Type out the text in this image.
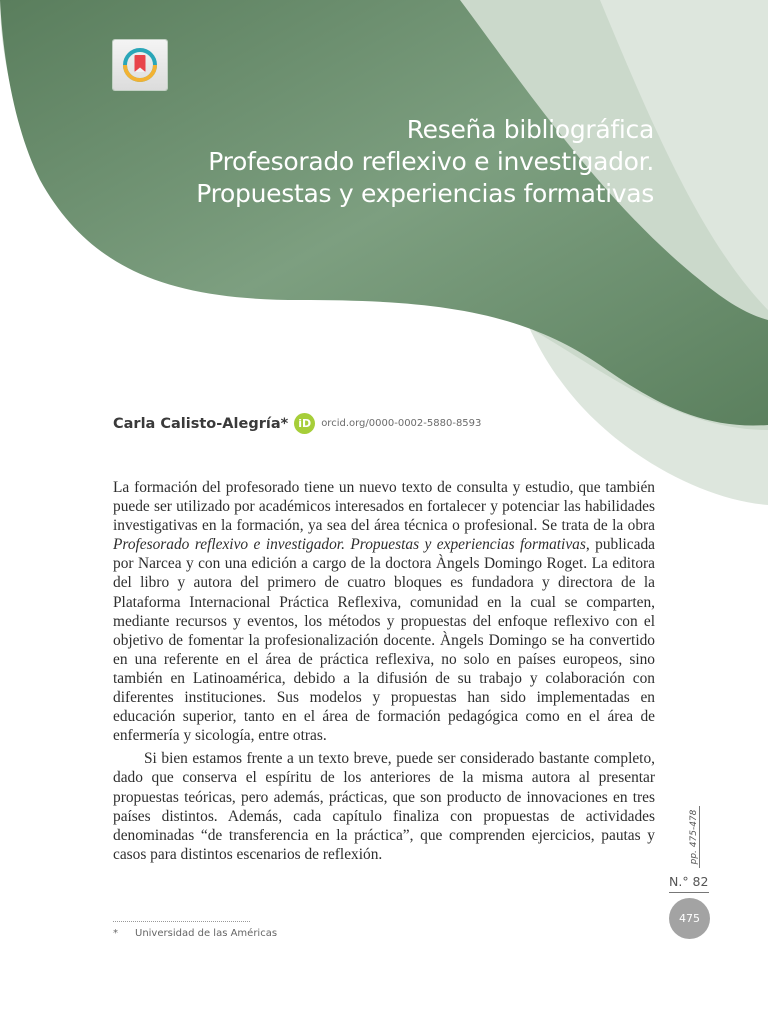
Reseña bibliográfica
Profesorado reflexivo e investigador.
Propuestas y experiencias formativas
Carla Calisto-Alegría* iD	orcid.org/0000-0002-5880-8593

La formación del profesorado tiene un nuevo texto de consulta y estudio, que también puede ser utilizado por académicos interesados en fortalecer y potenciar las habilidades investigativas en la formación, ya sea del área técnica o profesional. Se trata de la obra Profesorado reflexivo e investigador. Propuestas y experiencias formativas, publicada por Narcea y con una edición a cargo de la doctora Àngels Domingo Roget. La editora del libro y autora del primero de cuatro bloques es fundadora y directora de la Plataforma Internacional Práctica Reflexiva, comunidad en la cual se comparten, mediante recursos y eventos, los métodos y propuestas del enfoque reflexivo con el objetivo de fomentar la profesionalización docente. Àngels Domingo se ha convertido en una referente en el área de práctica reflexiva, no solo en países europeos, sino también en Latinoamérica, debido a la difusión de su trabajo y colaboración con diferentes instituciones. Sus modelos y propuestas han sido implementadas en educación superior, tanto en el área de formación pedagógica como en el área de enfermería y sicología, entre otras.

Si bien estamos frente a un texto breve, puede ser considerado bastante completo, dado que conserva el espíritu de los anteriores de la misma autora al presentar propuestas teóricas, pero además, prácticas, que son producto de innovaciones en tres países distintos. Además, cada capítulo finaliza con propuestas de actividades denominadas “de transferencia en la práctica”, que comprenden ejercicios, pautas y casos para distintos escenarios de reflexión.	pp. 475-478
N.° 82
475
* Universidad de las Américas
